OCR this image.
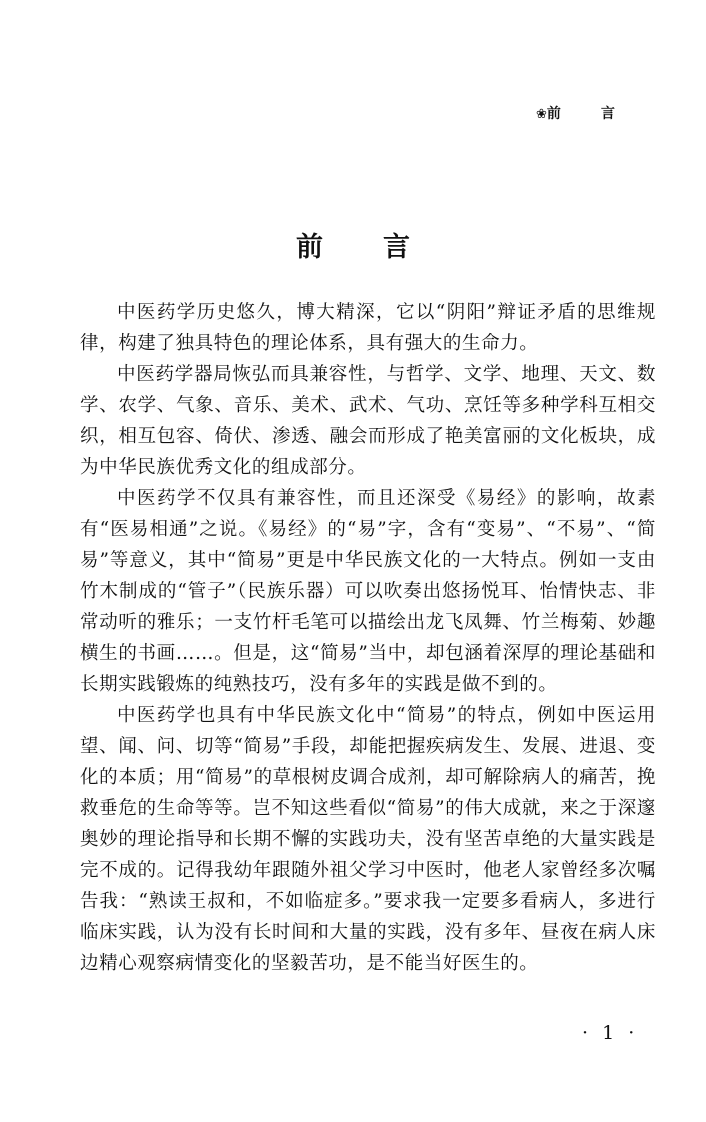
❀前言
前言

中医药学历史悠久，博大精深，它以“阴阳”辩证矛盾的思维规律，构建了独具特色的理论体系，具有强大的生命力。

中医药学器局恢弘而具兼容性，与哲学、文学、地理、天文、数学、农学、气象、音乐、美术、武术、气功、烹饪等多种学科互相交织，相互包容、倚伏、渗透、融会而形成了艳美富丽的文化板块，成为中华民族优秀文化的组成部分。

中医药学不仅具有兼容性，而且还深受《易经》的影响，故素有“医易相通”之说。《易经》的“易”字，含有“变易”、“不易”、“简易”等意义，其中“简易”更是中华民族文化的一大特点。例如一支由竹木制成的“管子”（民族乐器）可以吹奏出悠扬悦耳、怡情快志、非常动听的雅乐；一支竹杆毛笔可以描绘出龙飞凤舞、竹兰梅菊、妙趣横生的书画……。但是，这“简易”当中，却包涵着深厚的理论基础和长期实践锻炼的纯熟技巧，没有多年的实践是做不到的。

中医药学也具有中华民族文化中“简易”的特点，例如中医运用望、闻、问、切等“简易”手段，却能把握疾病发生、发展、进退、变化的本质；用“简易”的草根树皮调合成剂，却可解除病人的痛苦，挽救垂危的生命等等。岂不知这些看似“简易”的伟大成就，来之于深邃奥妙的理论指导和长期不懈的实践功夫，没有坚苦卓绝的大量实践是完不成的。记得我幼年跟随外祖父学习中医时，他老人家曾经多次嘱告我：“熟读王叔和，不如临症多。”要求我一定要多看病人，多进行临床实践，认为没有长时间和大量的实践，没有多年、昼夜在病人床边精心观察病情变化的坚毅苦功，是不能当好医生的。

· 1 ·
